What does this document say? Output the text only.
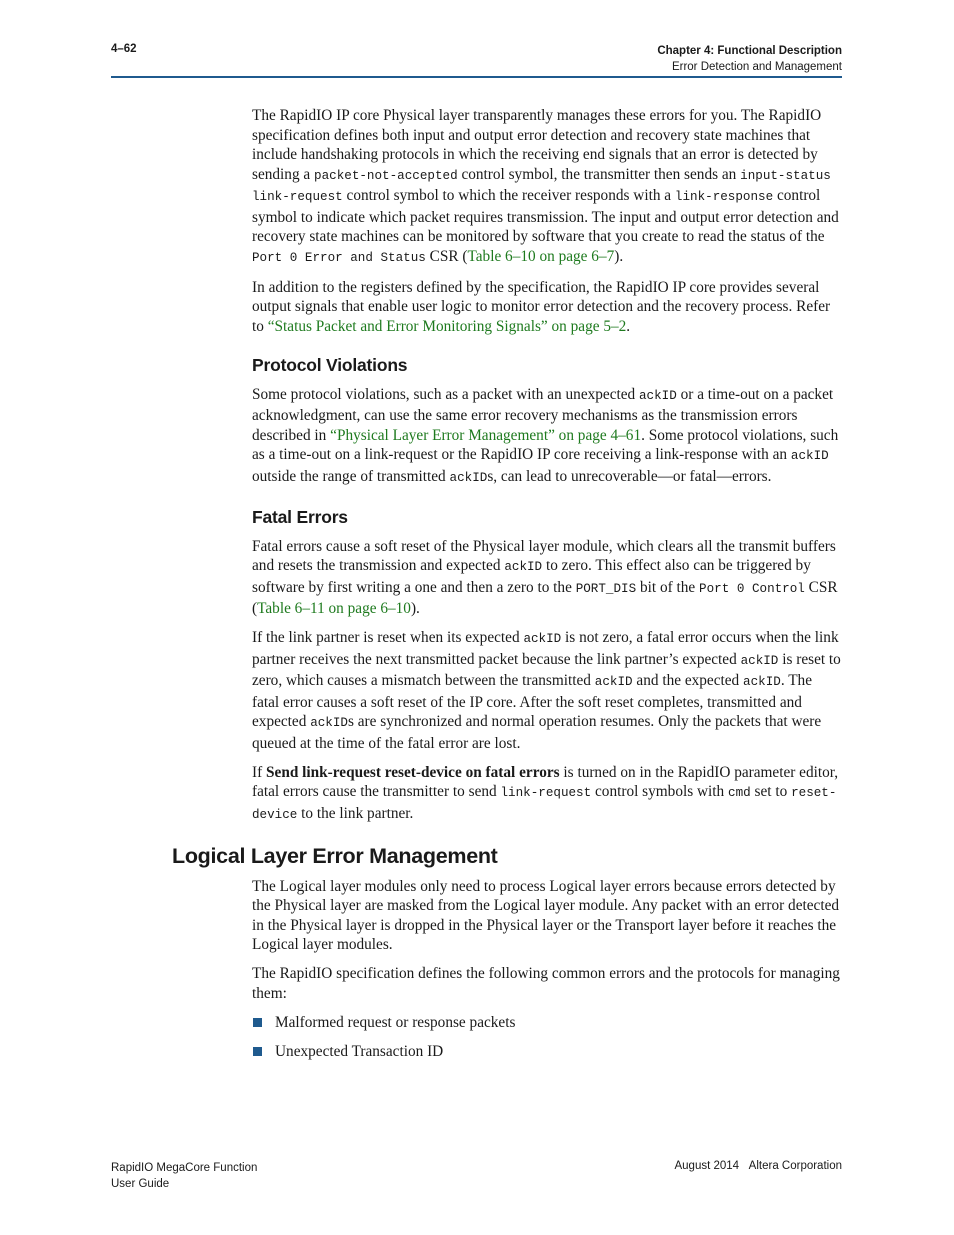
4–62	Chapter 4: Functional Description
Error Detection and Management

The RapidIO IP core Physical layer transparently manages these errors for you. The RapidIO specification defines both input and output error detection and recovery state machines that include handshaking protocols in which the receiving end signals that an error is detected by sending a packet-not-accepted control symbol, the transmitter then sends an input-status link-request control symbol to which the receiver responds with a link-response control symbol to indicate which packet requires transmission. The input and output error detection and recovery state machines can be monitored by software that you create to read the status of the Port 0 Error and Status CSR (Table 6–10 on page 6–7).

In addition to the registers defined by the specification, the RapidIO IP core provides several output signals that enable user logic to monitor error detection and the recovery process. Refer to “Status Packet and Error Monitoring Signals” on page 5–2.

Protocol Violations

Some protocol violations, such as a packet with an unexpected ackID or a time-out on a packet acknowledgment, can use the same error recovery mechanisms as the transmission errors described in “Physical Layer Error Management” on page 4–61. Some protocol violations, such as a time-out on a link-request or the RapidIO IP core receiving a link-response with an ackID outside the range of transmitted ackIDs, can lead to unrecoverable—or fatal—errors.

Fatal Errors

Fatal errors cause a soft reset of the Physical layer module, which clears all the transmit buffers and resets the transmission and expected ackID to zero. This effect also can be triggered by software by first writing a one and then a zero to the PORT_DIS bit of the Port 0 Control CSR (Table 6–11 on page 6–10).

If the link partner is reset when its expected ackID is not zero, a fatal error occurs when the link partner receives the next transmitted packet because the link partner’s expected ackID is reset to zero, which causes a mismatch between the transmitted ackID and the expected ackID. The fatal error causes a soft reset of the IP core. After the soft reset completes, transmitted and expected ackIDs are synchronized and normal operation resumes. Only the packets that were queued at the time of the fatal error are lost.

If Send link-request reset-device on fatal errors is turned on in the RapidIO parameter editor, fatal errors cause the transmitter to send link-request control symbols with cmd set to reset-device to the link partner.

Logical Layer Error Management

The Logical layer modules only need to process Logical layer errors because errors detected by the Physical layer are masked from the Logical layer module. Any packet with an error detected in the Physical layer is dropped in the Physical layer or the Transport layer before it reaches the Logical layer modules.

The RapidIO specification defines the following common errors and the protocols for managing them:

Malformed request or response packets
Unexpected Transaction ID
RapidIO MegaCore Function
User Guide
August 2014 Altera Corporation
